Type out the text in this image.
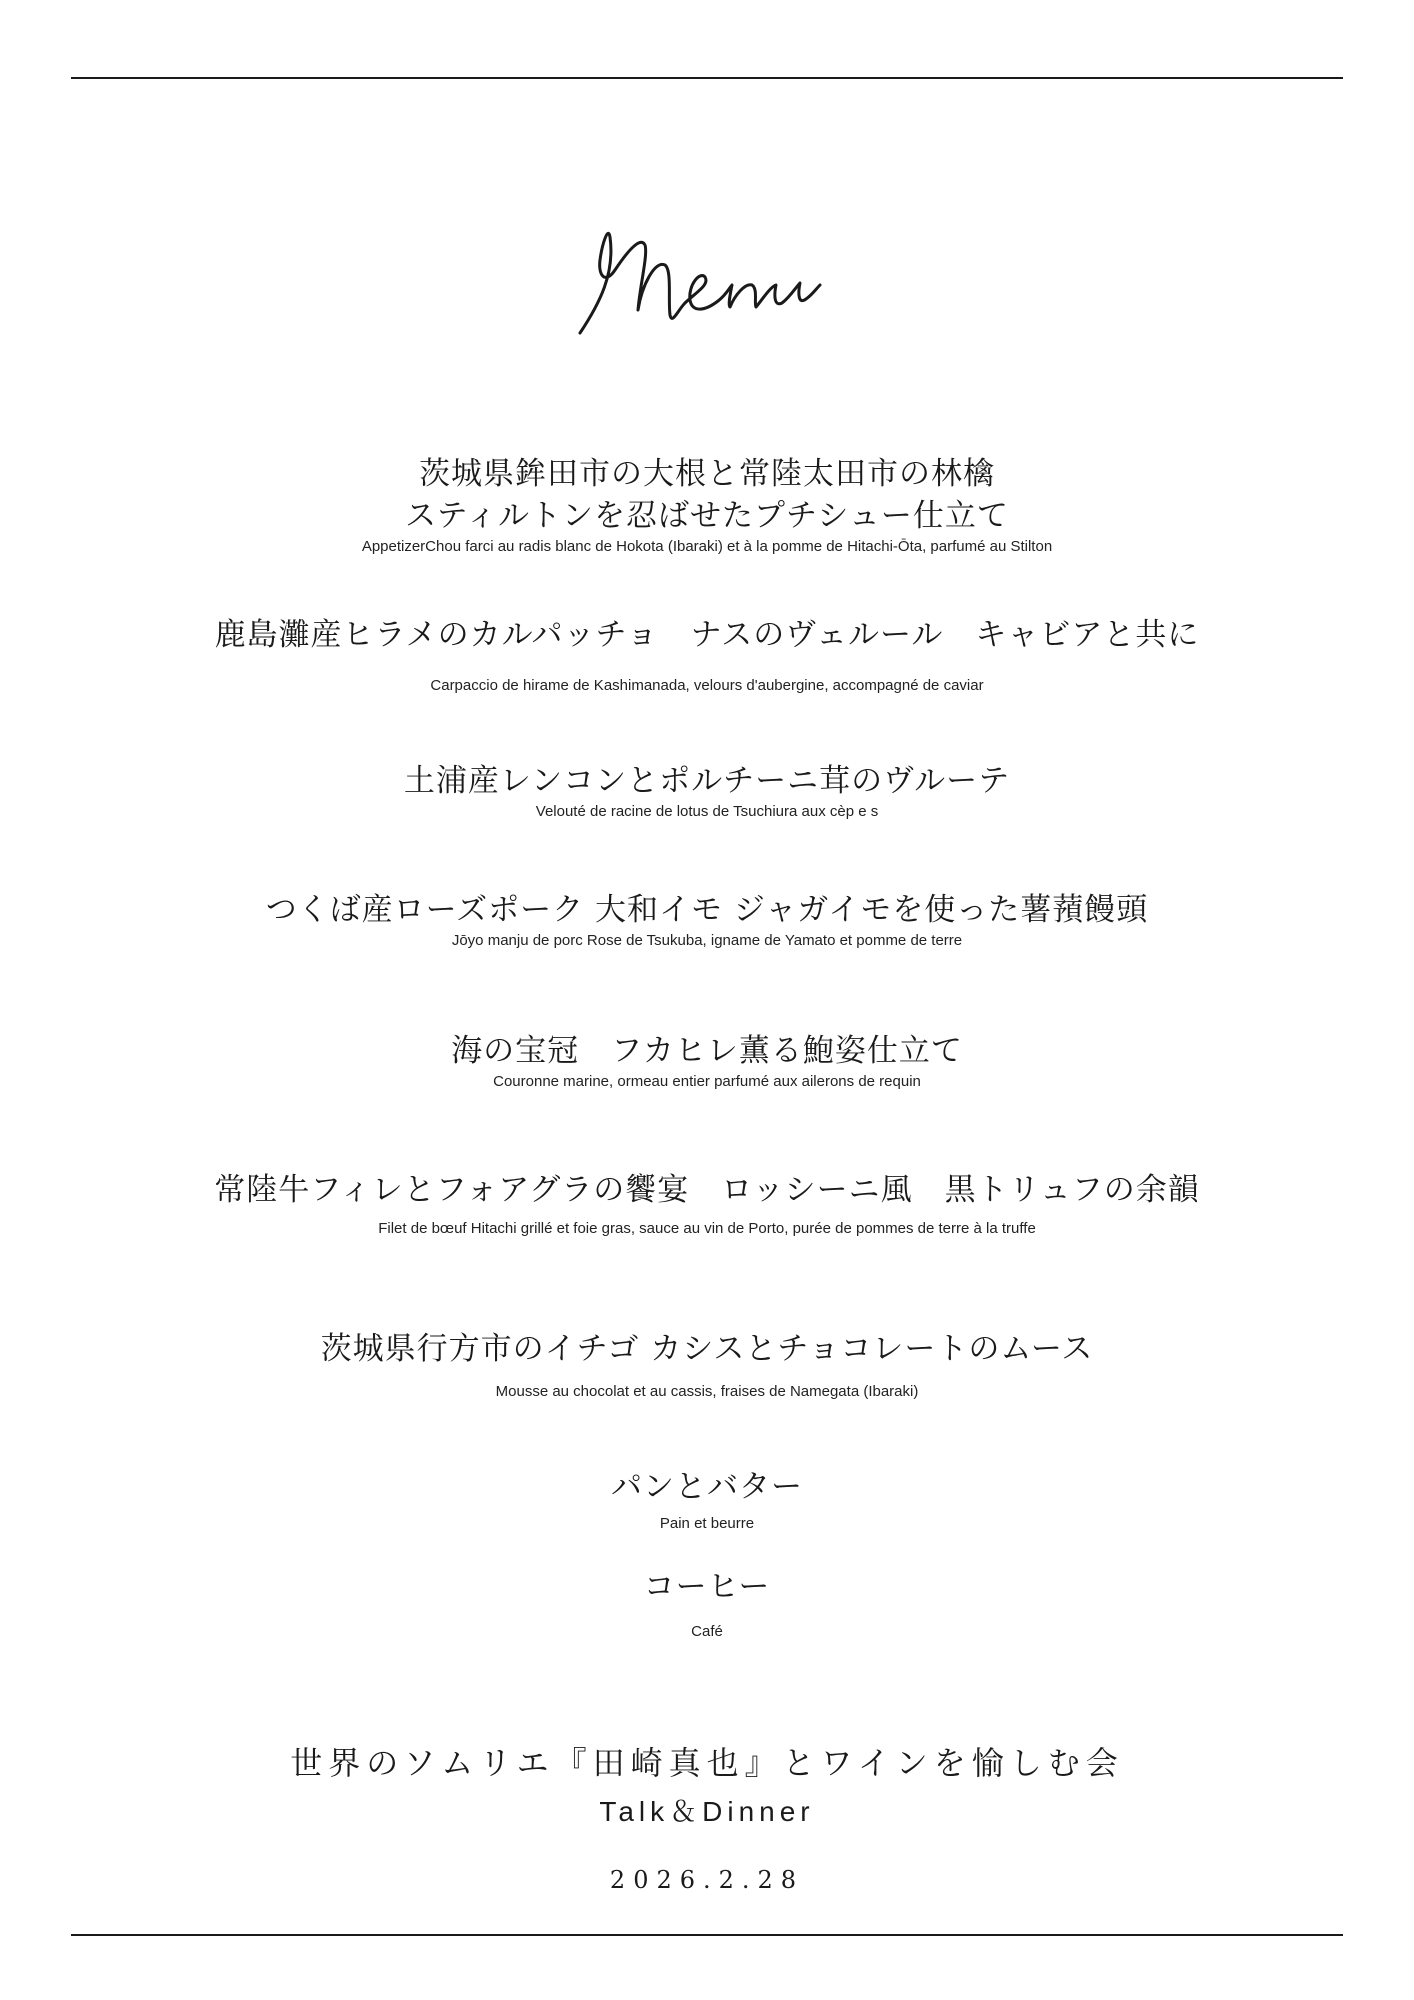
Menu
茨城県鉾田市の大根と常陸太田市の林檎
スティルトンを忍ばせたプチシュー仕立て
AppetizerChou farci au radis blanc de Hokota (Ibaraki) et à la pomme de Hitachi-Ōta, parfumé au Stilton
鹿島灘産ヒラメのカルパッチョ　ナスのヴェルール　キャビアと共に
Carpaccio de hirame de Kashimanada, velours d'aubergine, accompagné de caviar
土浦産レンコンとポルチーニ茸のヴルーテ
Velouté de racine de lotus de Tsuchiura aux cèp e s
つくば産ローズポーク 大和イモ ジャガイモを使った薯蕷饅頭
Jōyo manju de porc Rose de Tsukuba, igname de Yamato et pomme de terre
海の宝冠　フカヒレ薫る鮑姿仕立て
Couronne marine, ormeau entier parfumé aux ailerons de requin
常陸牛フィレとフォアグラの饗宴　ロッシーニ風　黒トリュフの余韻
Filet de bœuf Hitachi grillé et foie gras, sauce au vin de Porto, purée de pommes de terre à la truffe
茨城県行方市のイチゴ カシスとチョコレートのムース
Mousse au chocolat et au cassis, fraises de Namegata (Ibaraki)
パンとバター
Pain et beurre
コーヒー
Café
世界のソムリエ『田崎真也』とワインを愉しむ会
Talk＆Dinner
2026.2.28
